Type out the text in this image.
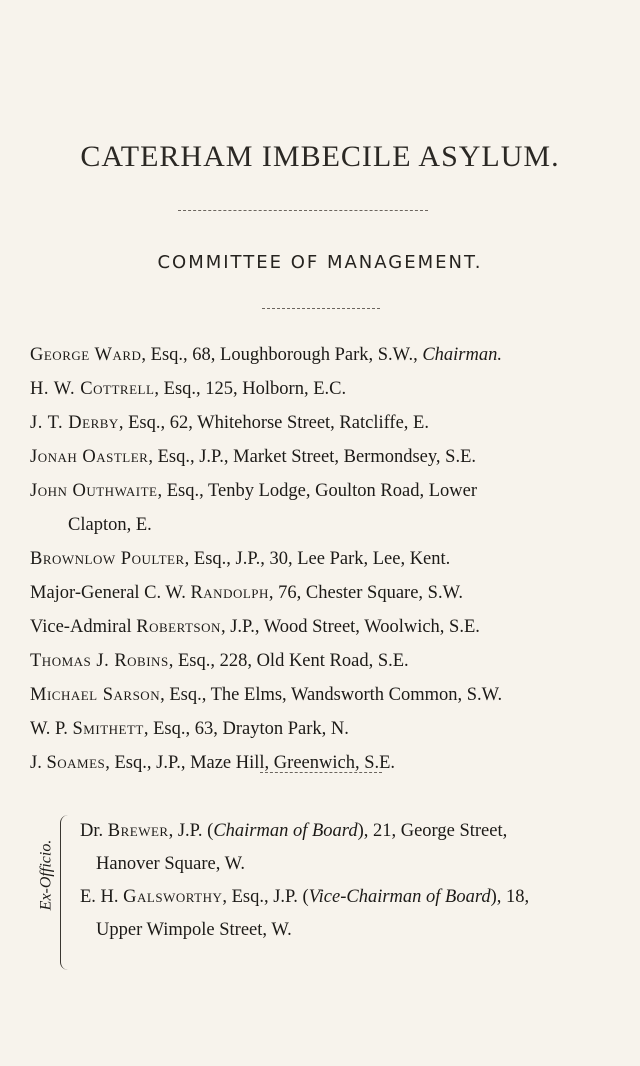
CATERHAM IMBECILE ASYLUM.
COMMITTEE OF MANAGEMENT.
George Ward, Esq., 68, Loughborough Park, S.W., Chairman.
H. W. Cottrell, Esq., 125, Holborn, E.C.
J. T. Derby, Esq., 62, Whitehorse Street, Ratcliffe, E.
Jonah Oastler, Esq., J.P., Market Street, Bermondsey, S.E.
John Outhwaite, Esq., Tenby Lodge, Goulton Road, Lower
Clapton, E.
Brownlow Poulter, Esq., J.P., 30, Lee Park, Lee, Kent.
Major-General C. W. Randolph, 76, Chester Square, S.W.
Vice-Admiral Robertson, J.P., Wood Street, Woolwich, S.E.
Thomas J. Robins, Esq., 228, Old Kent Road, S.E.
Michael Sarson, Esq., The Elms, Wandsworth Common, S.W.
W. P. Smithett, Esq., 63, Drayton Park, N.
J. Soames, Esq., J.P., Maze Hill, Greenwich, S.E.
Ex-Officio.
Dr. Brewer, J.P. (Chairman of Board), 21, George Street,
Hanover Square, W.
E. H. Galsworthy, Esq., J.P. (Vice-Chairman of Board), 18,
Upper Wimpole Street, W.
